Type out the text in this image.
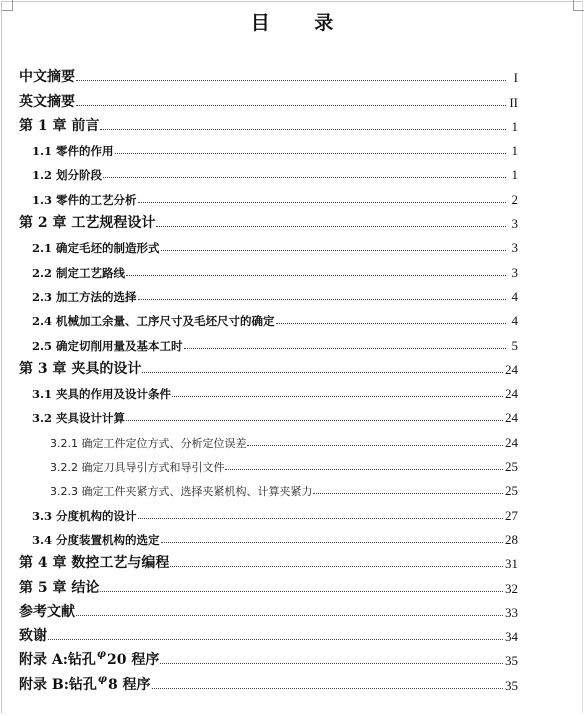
目 录
中文摘要	I
英文摘要	II
第 1 章 前言	1
1.1 零件的作用	1
1.2 划分阶段	1
1.3 零件的工艺分析	2
第 2 章 工艺规程设计	3
2.1 确定毛坯的制造形式	3
2.2 制定工艺路线	3
2.3 加工方法的选择	4
2.4 机械加工余量、工序尺寸及毛坯尺寸的确定	4
2.5 确定切削用量及基本工时	5
第 3 章 夹具的设计	24
3.1 夹具的作用及设计条件	24
3.2 夹具设计计算	24
3.2.1 确定工件定位方式、分析定位误差	24
3.2.2 确定刀具导引方式和导引文件	25
3.2.3 确定工件夹紧方式、选择夹紧机构、计算夹紧力	25
3.3 分度机构的设计	27
3.4 分度装置机构的选定	28
第 4 章 数控工艺与编程	31
第 5 章 结论	32
参考文献	33
致谢	34
附录 A:钻孔$^\varphi$20 程序	35
附录 B:钻孔$^\varphi$8 程序	35
